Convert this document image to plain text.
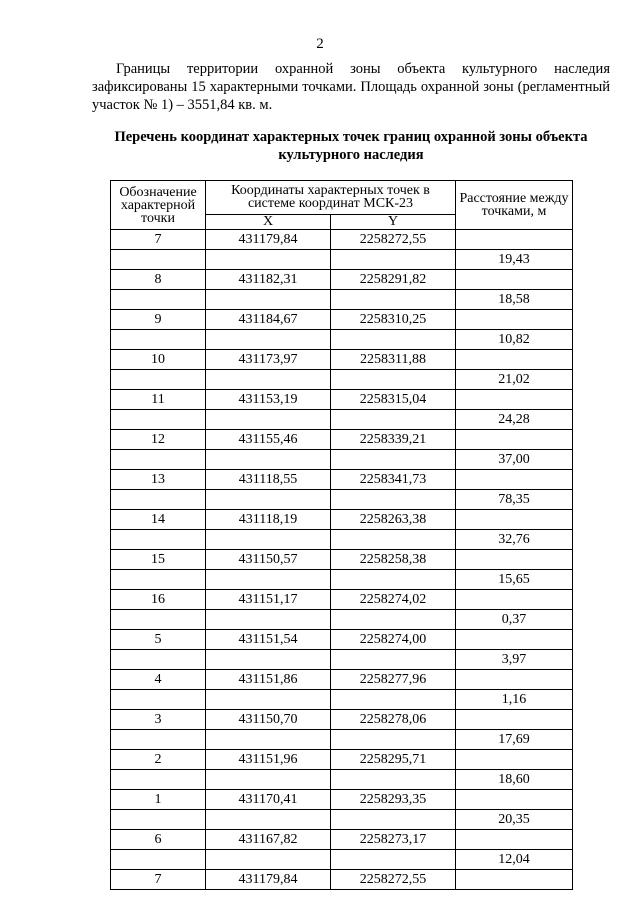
2

Границы территории охранной зоны объекта культурного наследия зафиксированы 15 характерными точками. Площадь охранной зоны (регламентный участок № 1) – 3551,84 кв. м.

Перечень координат характерных точек границ охранной зоны объекта культурного наследия
Обозначение характерной точки	Координаты характерных точек в системе координат МСК-23		Расстояние между точками, м
	X	Y	
7	431179,84	2258272,55	
			19,43
8	431182,31	2258291,82	
			18,58
9	431184,67	2258310,25	
			10,82
10	431173,97	2258311,88	
			21,02
11	431153,19	2258315,04	
			24,28
12	431155,46	2258339,21	
			37,00
13	431118,55	2258341,73	
			78,35
14	431118,19	2258263,38	
			32,76
15	431150,57	2258258,38	
			15,65
16	431151,17	2258274,02	
			0,37
5	431151,54	2258274,00	
			3,97
4	431151,86	2258277,96	
			1,16
3	431150,70	2258278,06	
			17,69
2	431151,96	2258295,71	
			18,60
1	431170,41	2258293,35	
			20,35
6	431167,82	2258273,17	
			12,04
7	431179,84	2258272,55	
